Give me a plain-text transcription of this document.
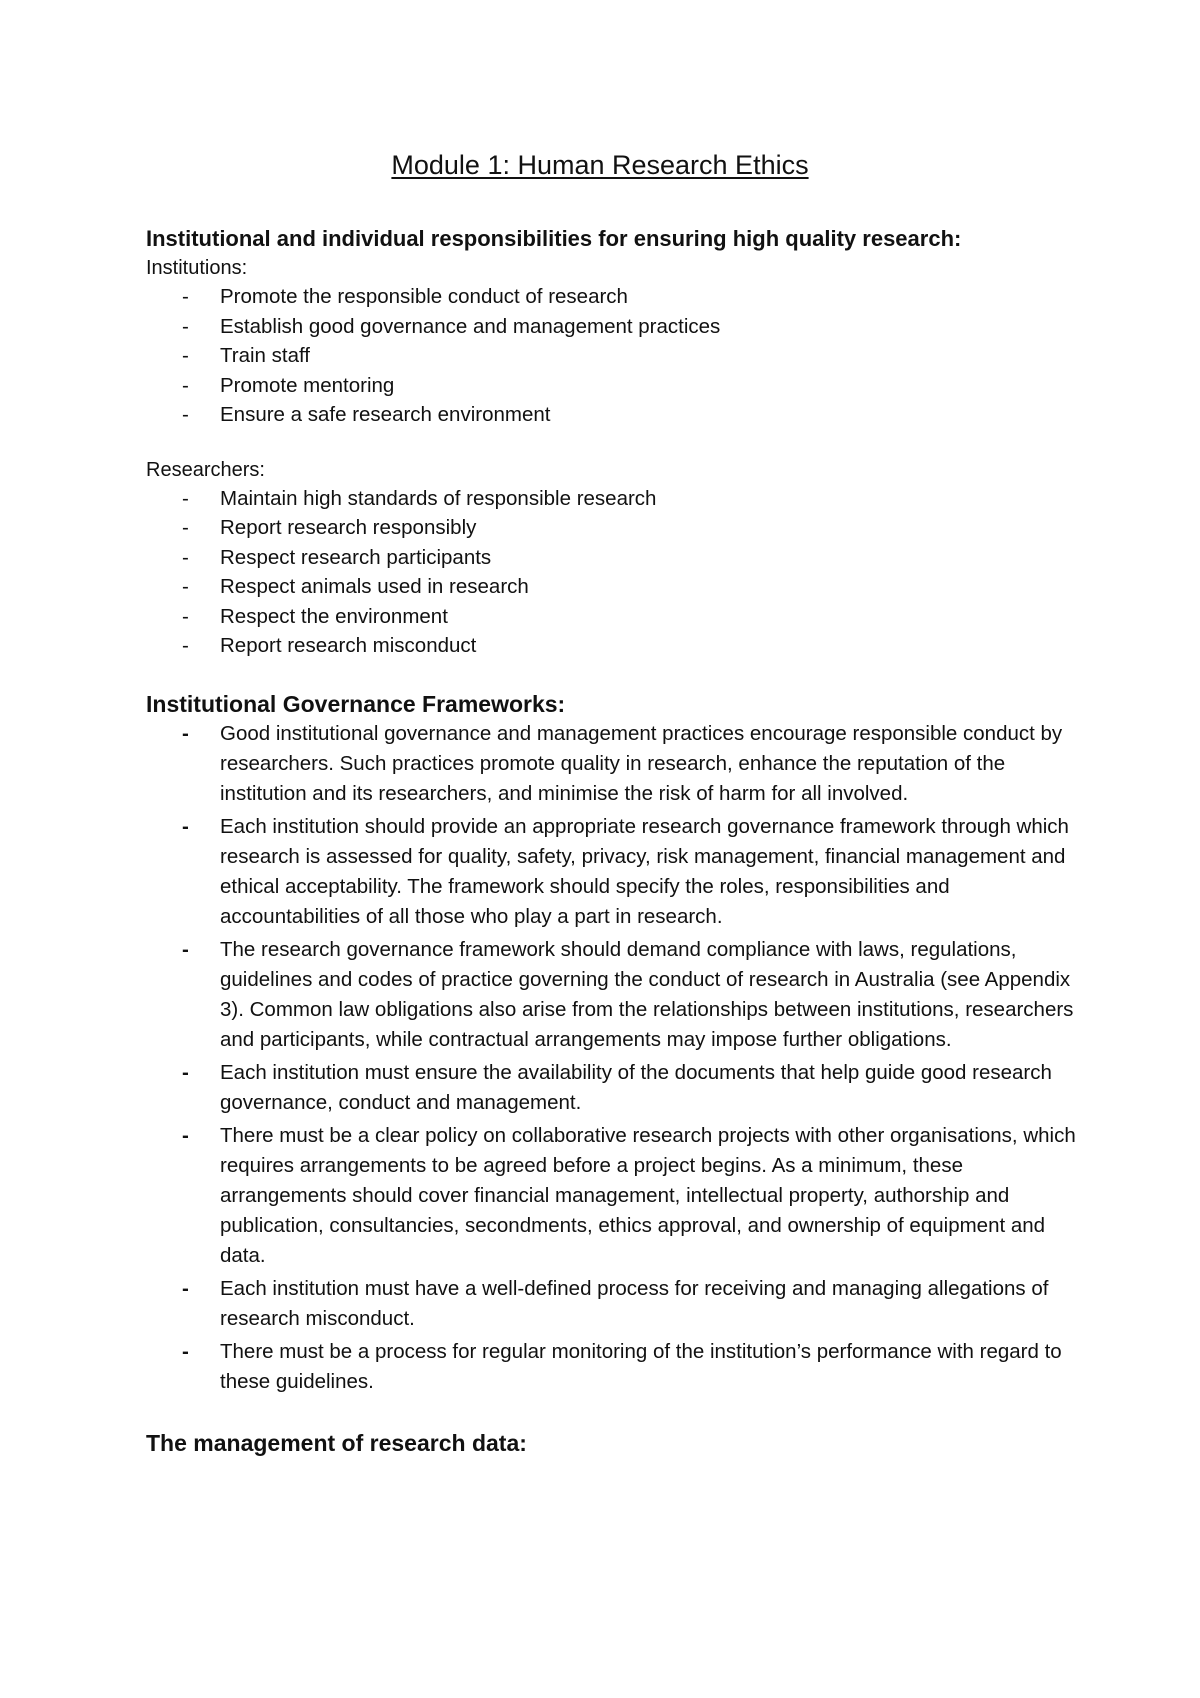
Module 1: Human Research Ethics

Institutional and individual responsibilities for ensuring high quality research:

Institutions:

- Promote the responsible conduct of research
- Establish good governance and management practices
- Train staff
- Promote mentoring
- Ensure a safe research environment

Researchers:

- Maintain high standards of responsible research
- Report research responsibly
- Respect research participants
- Respect animals used in research
- Respect the environment
- Report research misconduct

Institutional Governance Frameworks:

- Good institutional governance and management practices encourage responsible conduct by researchers. Such practices promote quality in research, enhance the reputation of the institution and its researchers, and minimise the risk of harm for all involved.
- Each institution should provide an appropriate research governance framework through which research is assessed for quality, safety, privacy, risk management, financial management and ethical acceptability. The framework should specify the roles, responsibilities and accountabilities of all those who play a part in research.
- The research governance framework should demand compliance with laws, regulations, guidelines and codes of practice governing the conduct of research in Australia (see Appendix 3). Common law obligations also arise from the relationships between institutions, researchers and participants, while contractual arrangements may impose further obligations.
- Each institution must ensure the availability of the documents that help guide good research governance, conduct and management.
- There must be a clear policy on collaborative research projects with other organisations, which requires arrangements to be agreed before a project begins. As a minimum, these arrangements should cover financial management, intellectual property, authorship and publication, consultancies, secondments, ethics approval, and ownership of equipment and data.
- Each institution must have a well-defined process for receiving and managing allegations of research misconduct.
- There must be a process for regular monitoring of the institution’s performance with regard to these guidelines.

The management of research data:
